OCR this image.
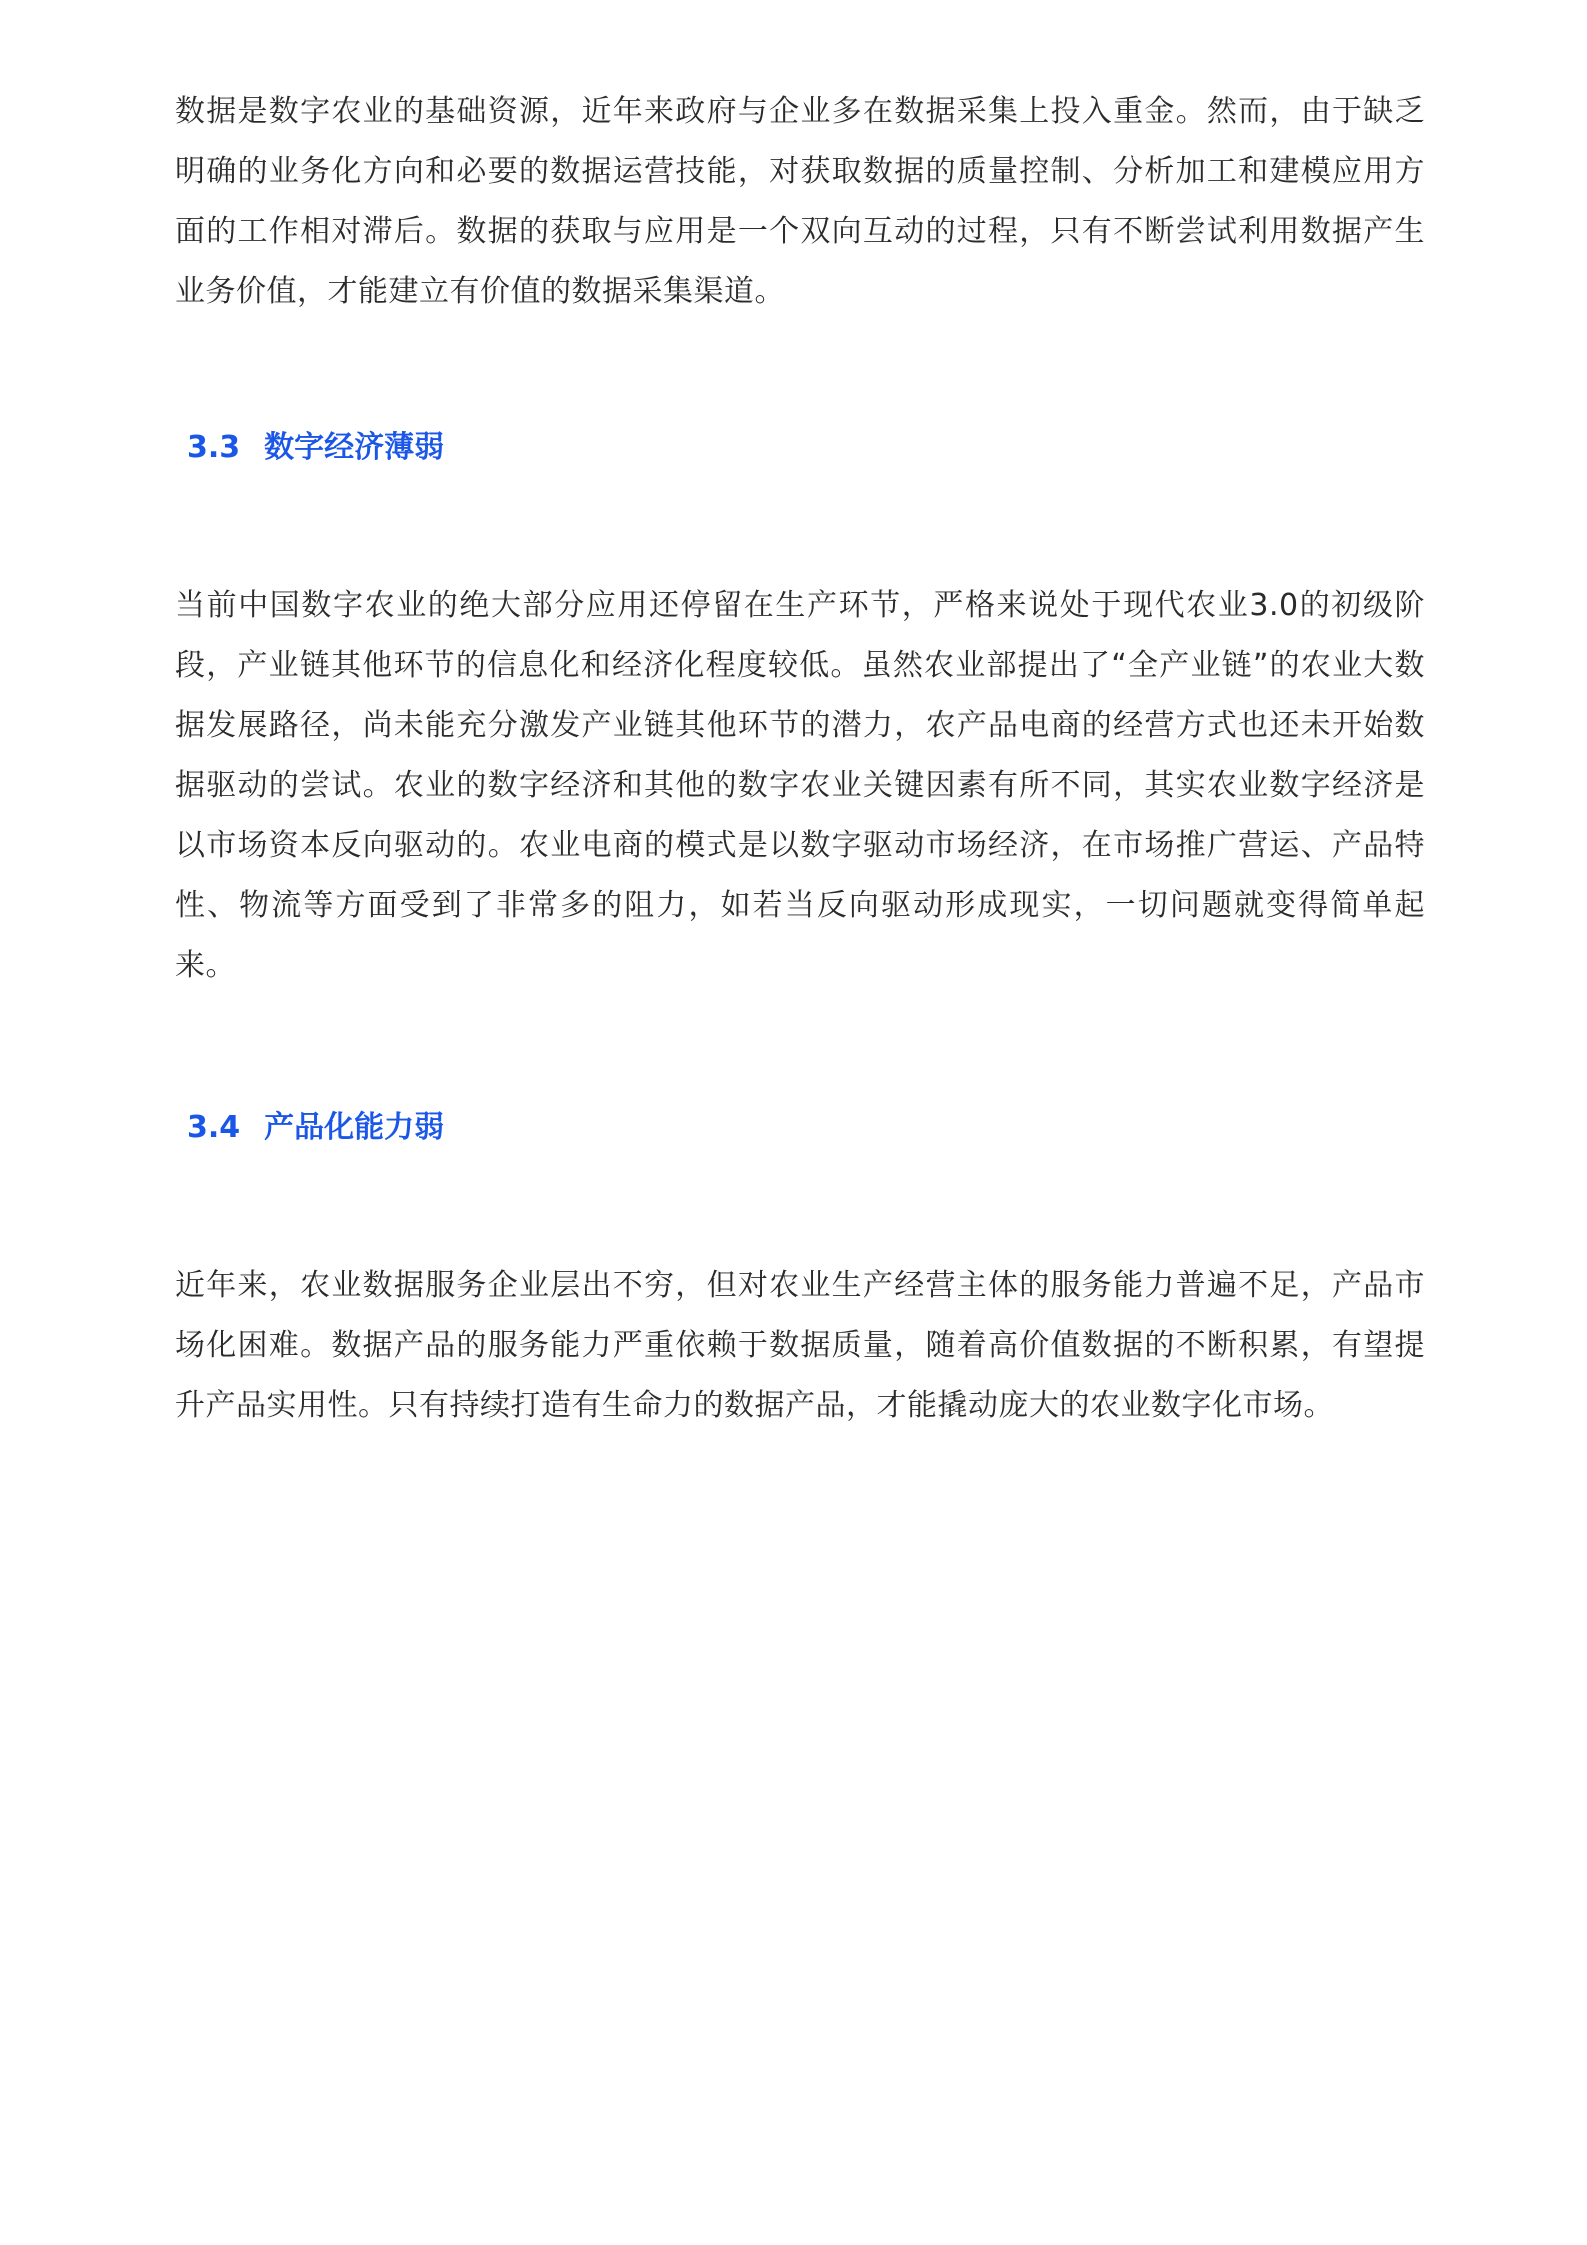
数据是数字农业的基础资源，近年来政府与企业多在数据采集上投入重金。然而，由于缺乏明确的业务化方向和必要的数据运营技能，对获取数据的质量控制、分析加工和建模应用方面的工作相对滞后。数据的获取与应用是一个双向互动的过程，只有不断尝试利用数据产生业务价值，才能建立有价值的数据采集渠道。

3.3 数字经济薄弱

当前中国数字农业的绝大部分应用还停留在生产环节，严格来说处于现代农业3.0的初级阶段，产业链其他环节的信息化和经济化程度较低。虽然农业部提出了“全产业链”的农业大数据发展路径，尚未能充分激发产业链其他环节的潜力，农产品电商的经营方式也还未开始数据驱动的尝试。农业的数字经济和其他的数字农业关键因素有所不同，其实农业数字经济是以市场资本反向驱动的。农业电商的模式是以数字驱动市场经济，在市场推广营运、产品特性、物流等方面受到了非常多的阻力，如若当反向驱动形成现实，一切问题就变得简单起来。

3.4 产品化能力弱

近年来，农业数据服务企业层出不穷，但对农业生产经营主体的服务能力普遍不足，产品市场化困难。数据产品的服务能力严重依赖于数据质量，随着高价值数据的不断积累，有望提升产品实用性。只有持续打造有生命力的数据产品，才能撬动庞大的农业数字化市场。
